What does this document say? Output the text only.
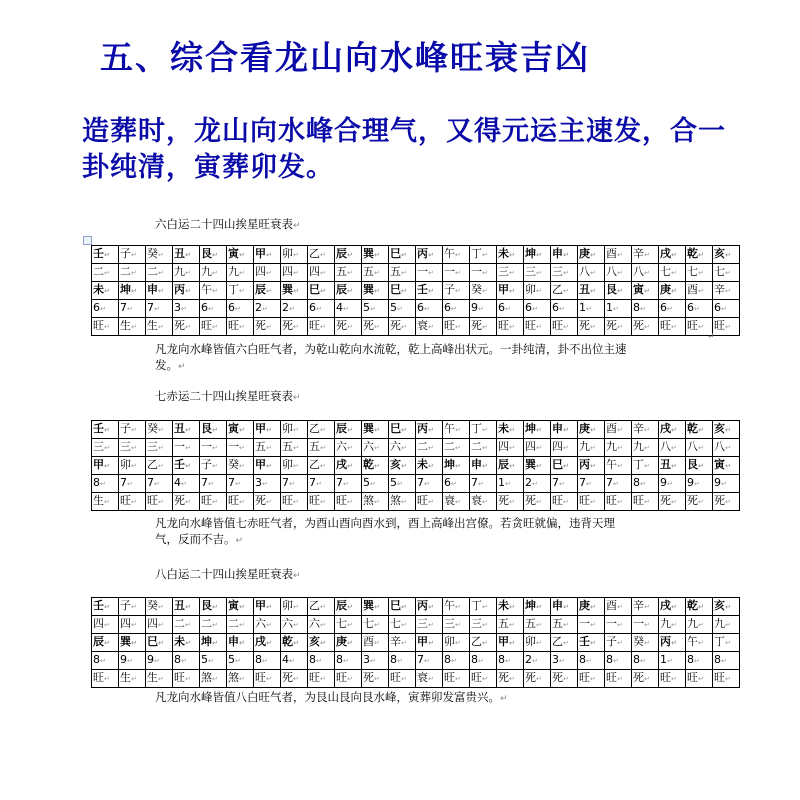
五、综合看龙山向水峰旺衰吉凶
造葬时，龙山向水峰合理气，又得元运主速发，合一卦纯清，寅葬卯发。
六白运二十四山挨星旺衰表↵
壬↵	子↵	癸↵	丑↵	艮↵	寅↵	甲↵	卯↵	乙↵	辰↵	巽↵	巳↵	丙↵	午↵	丁↵	未↵	坤↵	申↵	庚↵	酉↵	辛↵	戌↵	乾↵	亥↵
二↵	二↵	二↵	九↵	九↵	九↵	四↵	四↵	四↵	五↵	五↵	五↵	一↵	一↵	一↵	三↵	三↵	三↵	八↵	八↵	八↵	七↵	七↵	七↵
未↵	坤↵	申↵	丙↵	午↵	丁↵	辰↵	巽↵	巳↵	辰↵	巽↵	巳↵	壬↵	子↵	癸↵	甲↵	卯↵	乙↵	丑↵	艮↵	寅↵	庚↵	酉↵	辛↵
6↵	7↵	7↵	3↵	6↵	6↵	2↵	2↵	6↵	4↵	5↵	5↵	6↵	6↵	9↵	6↵	6↵	6↵	1↵	1↵	8↵	6↵	6↵	6↵
旺↵	生↵	生↵	死↵	旺↵	旺↵	死↵	死↵	旺↵	死↵	死↵	死↵	衰↵	旺↵	死↵	旺↵	旺↵	旺↵	死↵	死↵	死↵	旺↵	旺↵	旺↵
↵
凡龙向水峰皆值六白旺气者，为乾山乾向水流乾，乾上高峰出状元。一卦纯清，卦不出位主速发。↵
七赤运二十四山挨星旺衰表↵
壬↵	子↵	癸↵	丑↵	艮↵	寅↵	甲↵	卯↵	乙↵	辰↵	巽↵	巳↵	丙↵	午↵	丁↵	未↵	坤↵	申↵	庚↵	酉↵	辛↵	戌↵	乾↵	亥↵
三↵	三↵	三↵	一↵	一↵	一↵	五↵	五↵	五↵	六↵	六↵	六↵	二↵	二↵	二↵	四↵	四↵	四↵	九↵	九↵	九↵	八↵	八↵	八↵
甲↵	卯↵	乙↵	壬↵	子↵	癸↵	甲↵	卯↵	乙↵	戌↵	乾↵	亥↵	未↵	坤↵	申↵	辰↵	巽↵	巳↵	丙↵	午↵	丁↵	丑↵	艮↵	寅↵
8↵	7↵	7↵	4↵	7↵	7↵	3↵	7↵	7↵	7↵	5↵	5↵	7↵	6↵	7↵	1↵	2↵	7↵	7↵	7↵	8↵	9↵	9↵	9↵
生↵	旺↵	旺↵	死↵	旺↵	旺↵	死↵	旺↵	旺↵	旺↵	煞↵	煞↵	旺↵	衰↵	衰↵	死↵	死↵	旺↵	旺↵	旺↵	旺↵	死↵	死↵	死↵
凡龙向水峰皆值七赤旺气者，为酉山酉向酉水到，酉上高峰出宫僚。若贪旺就偏，违背天理气，反而不吉。↵
八白运二十四山挨星旺衰表↵
壬↵	子↵	癸↵	丑↵	艮↵	寅↵	甲↵	卯↵	乙↵	辰↵	巽↵	巳↵	丙↵	午↵	丁↵	未↵	坤↵	申↵	庚↵	酉↵	辛↵	戌↵	乾↵	亥↵
四↵	四↵	四↵	二↵	二↵	二↵	六↵	六↵	六↵	七↵	七↵	七↵	三↵	三↵	三↵	五↵	五↵	五↵	一↵	一↵	一↵	九↵	九↵	九↵
辰↵	巽↵	巳↵	未↵	坤↵	申↵	戌↵	乾↵	亥↵	庚↵	酉↵	辛↵	甲↵	卯↵	乙↵	甲↵	卯↵	乙↵	壬↵	子↵	癸↵	丙↵	午↵	丁↵
8↵	9↵	9↵	8↵	5↵	5↵	8↵	4↵	8↵	8↵	3↵	8↵	7↵	8↵	8↵	8↵	2↵	3↵	8↵	8↵	8↵	1↵	8↵	8↵
旺↵	生↵	生↵	旺↵	煞↵	煞↵	旺↵	死↵	旺↵	旺↵	死↵	旺↵	衰↵	旺↵	旺↵	死↵	死↵	死↵	旺↵	旺↵	死↵	旺↵	旺↵	旺↵
凡龙向水峰皆值八白旺气者，为艮山艮向艮水峰，寅葬卯发富贵兴。↵
